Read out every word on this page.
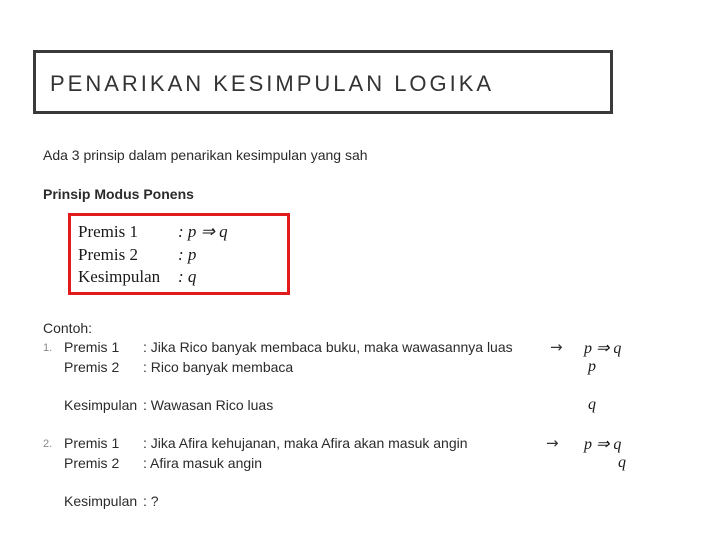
PENARIKAN KESIMPULAN LOGIKA
Ada 3 prinsip dalam penarikan kesimpulan yang sah
Prinsip Modus Ponens
Premis 1 : p ⇒ q
Premis 2 : p
Kesimpulan : q
Contoh:
1. Premis 1 : Jika Rico banyak membaca buku, maka wawasannya luas
Premis 2 : Rico banyak membaca
Kesimpulan : Wawasan Rico luas
→ p ⇒ q
p
q
2. Premis 1 : Jika Afira kehujanan, maka Afira akan masuk angin
Premis 2 : Afira masuk angin
Kesimpulan : ?
→ p ⇒ q
q
